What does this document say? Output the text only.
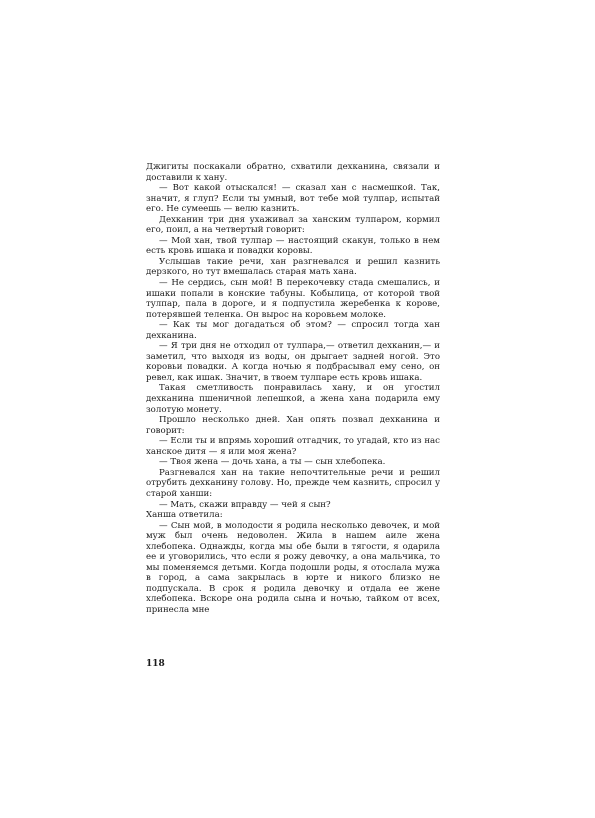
Джигиты поскакали обратно, схватили дехканина, связали и доставили к хану.

— Вот какой отыскался! — сказал хан с насмешкой. Так, значит, я глуп? Если ты умный, вот тебе мой тулпар, испытай его. Не сумеешь — велю казнить.

Дехканин три дня ухаживал за ханским тулпаром, кормил его, поил, а на четвертый говорит:

— Мой хан, твой тулпар — настоящий скакун, только в нем есть кровь ишака и повадки коровы.

Услышав такие речи, хан разгневался и решил казнить дерзкого, но тут вмешалась старая мать хана.

— Не сердись, сын мой! В перекочевку стада смешались, и ишаки попали в конские табуны. Кобылица, от которой твой тулпар, пала в дороге, и я подпустила жеребенка к корове, потерявшей теленка. Он вырос на коровьем молоке.

— Как ты мог догадаться об этом? — спросил тогда хан дехканина.

— Я три дня не отходил от тулпара,— ответил дехканин,— и заметил, что выходя из воды, он дрыгает задней ногой. Это коровьи повадки. А когда ночью я подбрасывал ему сено, он ревел, как ишак. Значит, в твоем тулпаре есть кровь ишака.

Такая сметливость понравилась хану, и он угостил дехканина пшеничной лепешкой, а жена хана подарила ему золотую монету.

Прошло несколько дней. Хан опять позвал дехканина и говорит:

— Если ты и впрямь хороший отгадчик, то угадай, кто из нас ханское дитя — я или моя жена?

— Твоя жена — дочь хана, а ты — сын хлебопека.

Разгневался хан на такие непочтительные речи и решил отрубить дехканину голову. Но, прежде чем казнить, спросил у старой ханши:

— Мать, скажи вправду — чей я сын?

Ханша ответила:

— Сын мой, в молодости я родила несколько девочек, и мой муж был очень недоволен. Жила в нашем аиле жена хлебопека. Однажды, когда мы обе были в тягости, я одарила ее и уговорились, что если я рожу девочку, а она мальчика, то мы поменяемся детьми. Когда подошли роды, я отослала мужа в город, а сама закрылась в юрте и никого близко не подпускала. В срок я родила девочку и отдала ее жене хлебопека. Вскоре она родила сына и ночью, тайком от всех, принесла мне

118
